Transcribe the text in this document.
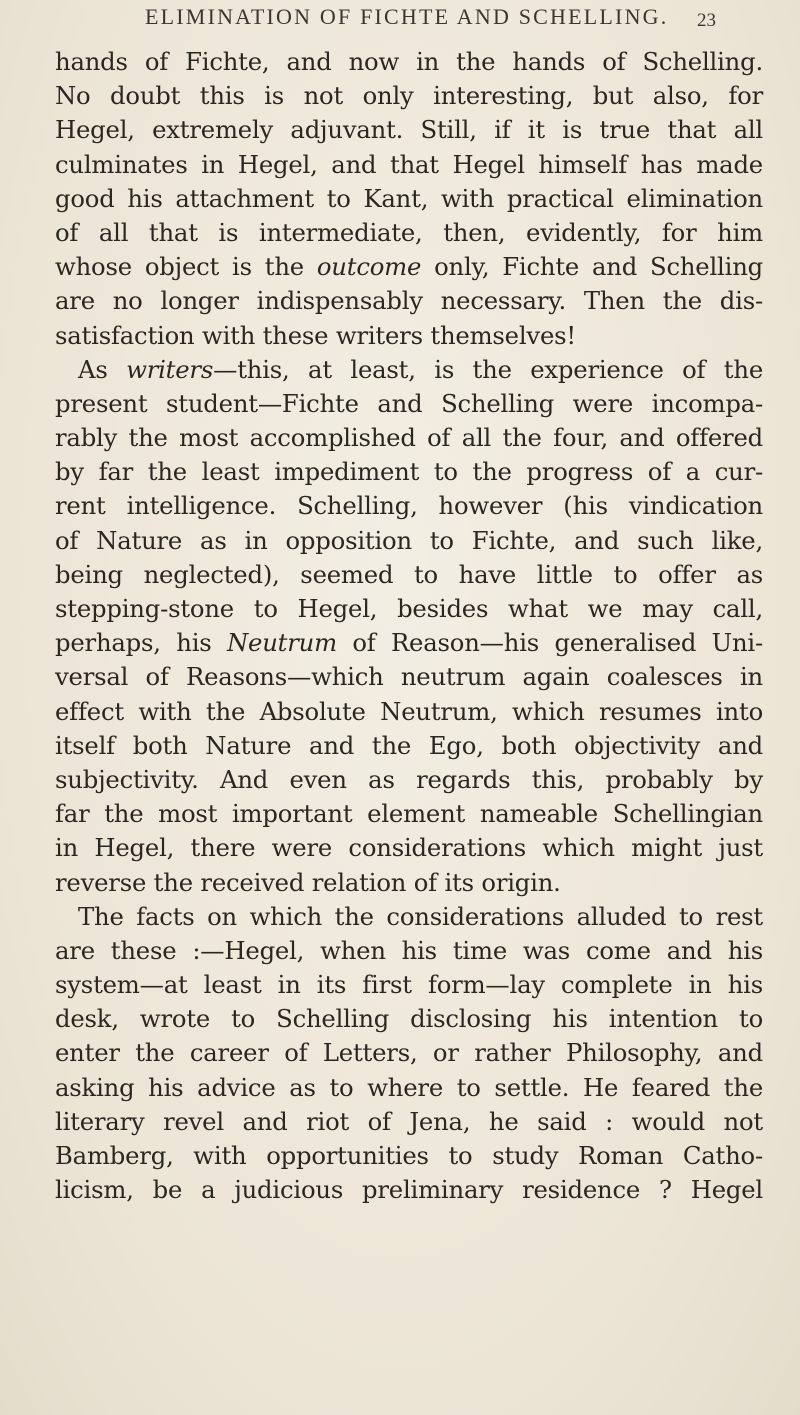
ELIMINATION OF FICHTE AND SCHELLING. 23
hands of Fichte, and now in the hands of Schelling.
No doubt this is not only interesting, but also, for
Hegel, extremely adjuvant. Still, if it is true that all
culminates in Hegel, and that Hegel himself has made
good his attachment to Kant, with practical elimination
of all that is intermediate, then, evidently, for him
whose object is the outcome only, Fichte and Schelling
are no longer indispensably necessary. Then the dis-
satisfaction with these writers themselves!
As writers—this, at least, is the experience of the
present student—Fichte and Schelling were incompa-
rably the most accomplished of all the four, and offered
by far the least impediment to the progress of a cur-
rent intelligence. Schelling, however (his vindication
of Nature as in opposition to Fichte, and such like,
being neglected), seemed to have little to offer as
stepping-stone to Hegel, besides what we may call,
perhaps, his Neutrum of Reason—his generalised Uni-
versal of Reasons—which neutrum again coalesces in
effect with the Absolute Neutrum, which resumes into
itself both Nature and the Ego, both objectivity and
subjectivity. And even as regards this, probably by
far the most important element nameable Schellingian
in Hegel, there were considerations which might just
reverse the received relation of its origin.
The facts on which the considerations alluded to rest
are these :—Hegel, when his time was come and his
system—at least in its first form—lay complete in his
desk, wrote to Schelling disclosing his intention to
enter the career of Letters, or rather Philosophy, and
asking his advice as to where to settle. He feared the
literary revel and riot of Jena, he said : would not
Bamberg, with opportunities to study Roman Catho-
licism, be a judicious preliminary residence ? Hegel
